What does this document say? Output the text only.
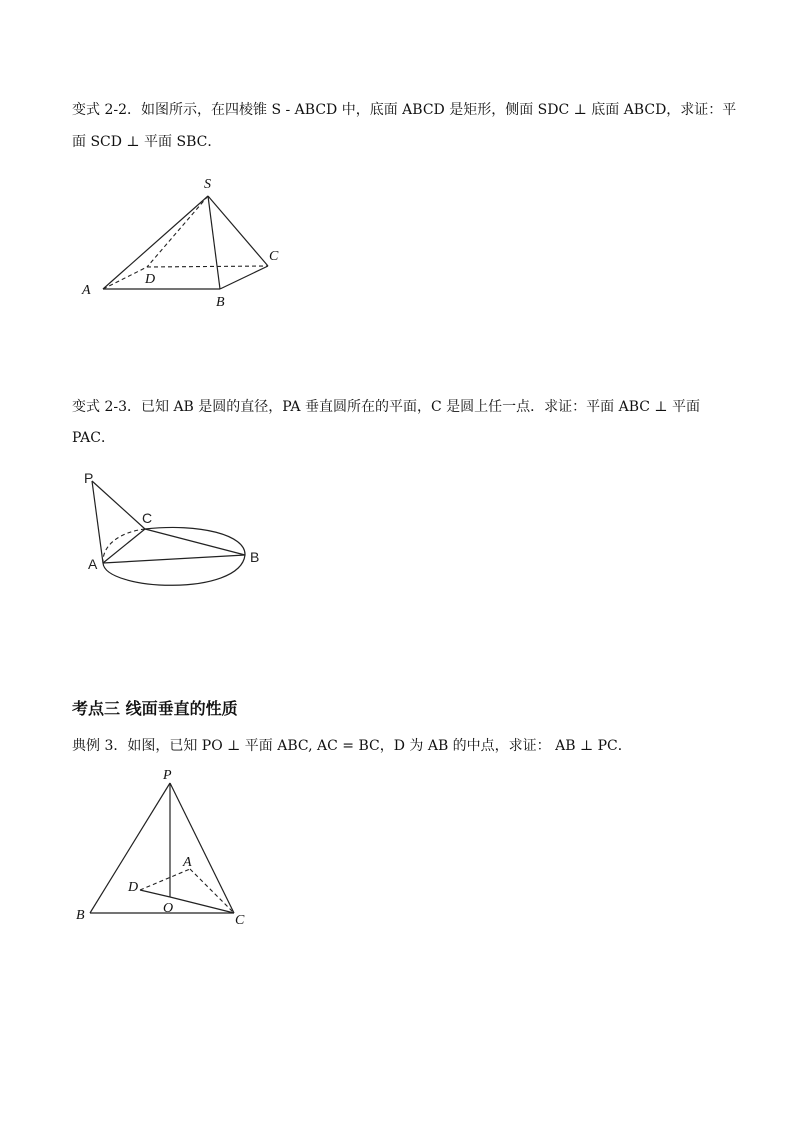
变式 2-2．如图所示，在四棱锥 S - ABCD 中，底面 ABCD 是矩形，侧面 SDC ⊥ 底面 ABCD，求证：平
面 SCD ⊥ 平面 SBC．
S
A
B
C
D
变式 2-3．已知 AB 是圆的直径，PA 垂直圆所在的平面，C 是圆上任一点．求证：平面 ABC ⊥ 平面
PAC．
P
A	B
C
考点三 线面垂直的性质
典例 3．如图，已知 PO ⊥ 平面 ABC, AC = BC，D 为 AB 的中点，求证： AB ⊥ PC．
P
A
B	C
D
O
